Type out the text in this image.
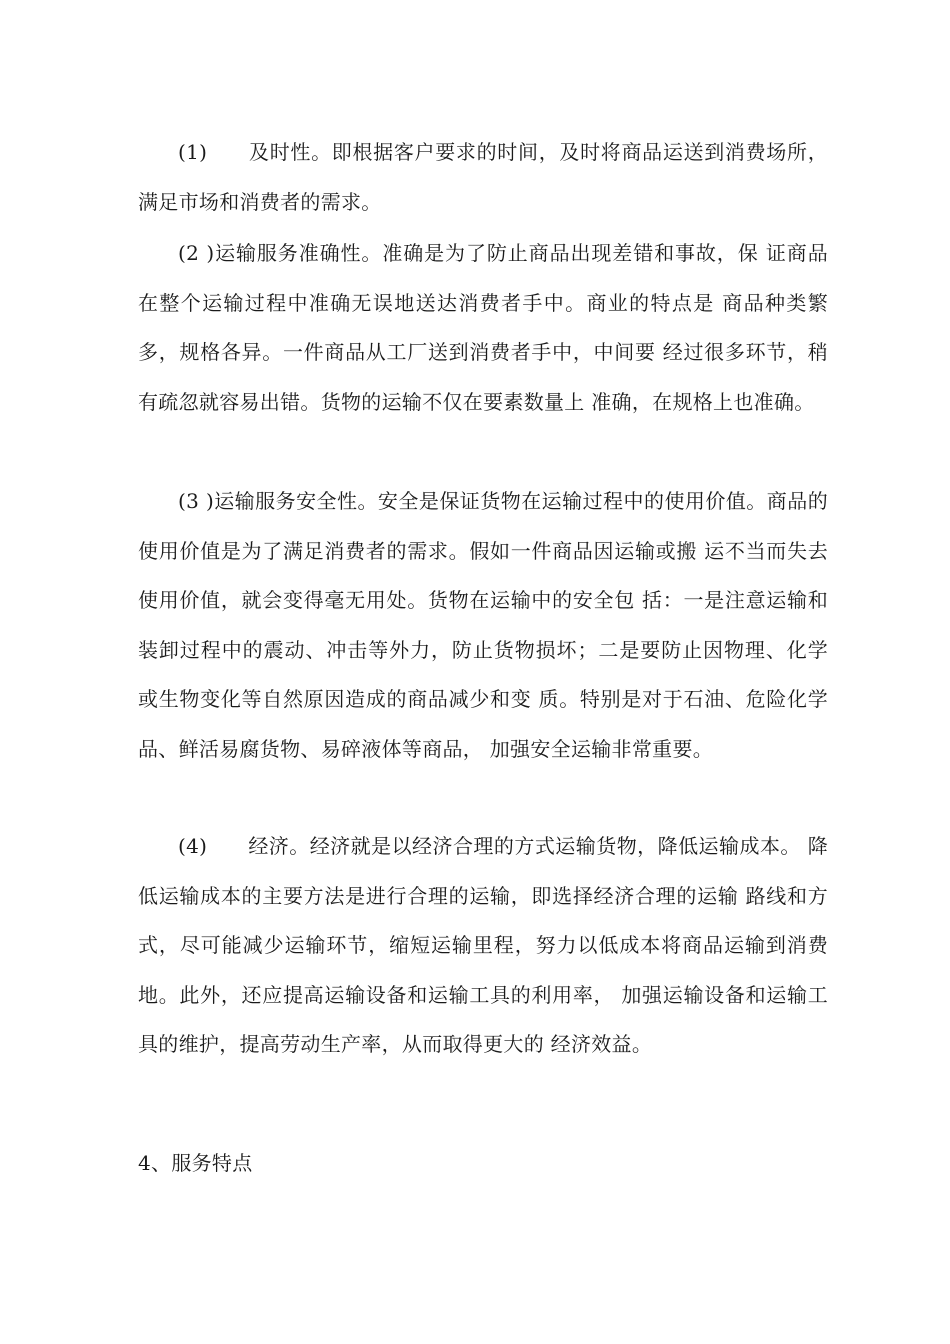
(1)　　及时性。即根据客户要求的时间，及时将商品运送到消费场所，满足市场和消费者的需求。

(2 )运输服务准确性。准确是为了防止商品出现差错和事故，保 证商品在整个运输过程中准确无误地送达消费者手中。商业的特点是 商品种类繁多，规格各异。一件商品从工厂送到消费者手中，中间要 经过很多环节，稍有疏忽就容易出错。货物的运输不仅在要素数量上 准确，在规格上也准确。

(3 )运输服务安全性。安全是保证货物在运输过程中的使用价值。商品的使用价值是为了满足消费者的需求。假如一件商品因运输或搬 运不当而失去使用价值，就会变得毫无用处。货物在运输中的安全包 括：一是注意运输和装卸过程中的震动、冲击等外力，防止货物损坏；二是要防止因物理、化学或生物变化等自然原因造成的商品减少和变 质。特别是对于石油、危险化学品、鲜活易腐货物、易碎液体等商品， 加强安全运输非常重要。

(4)　　经济。经济就是以经济合理的方式运输货物，降低运输成本。 降低运输成本的主要方法是进行合理的运输，即选择经济合理的运输 路线和方式，尽可能减少运输环节，缩短运输里程，努力以低成本将商品运输到消费地。此外，还应提高运输设备和运输工具的利用率， 加强运输设备和运输工具的维护，提高劳动生产率，从而取得更大的 经济效益。

4、服务特点
